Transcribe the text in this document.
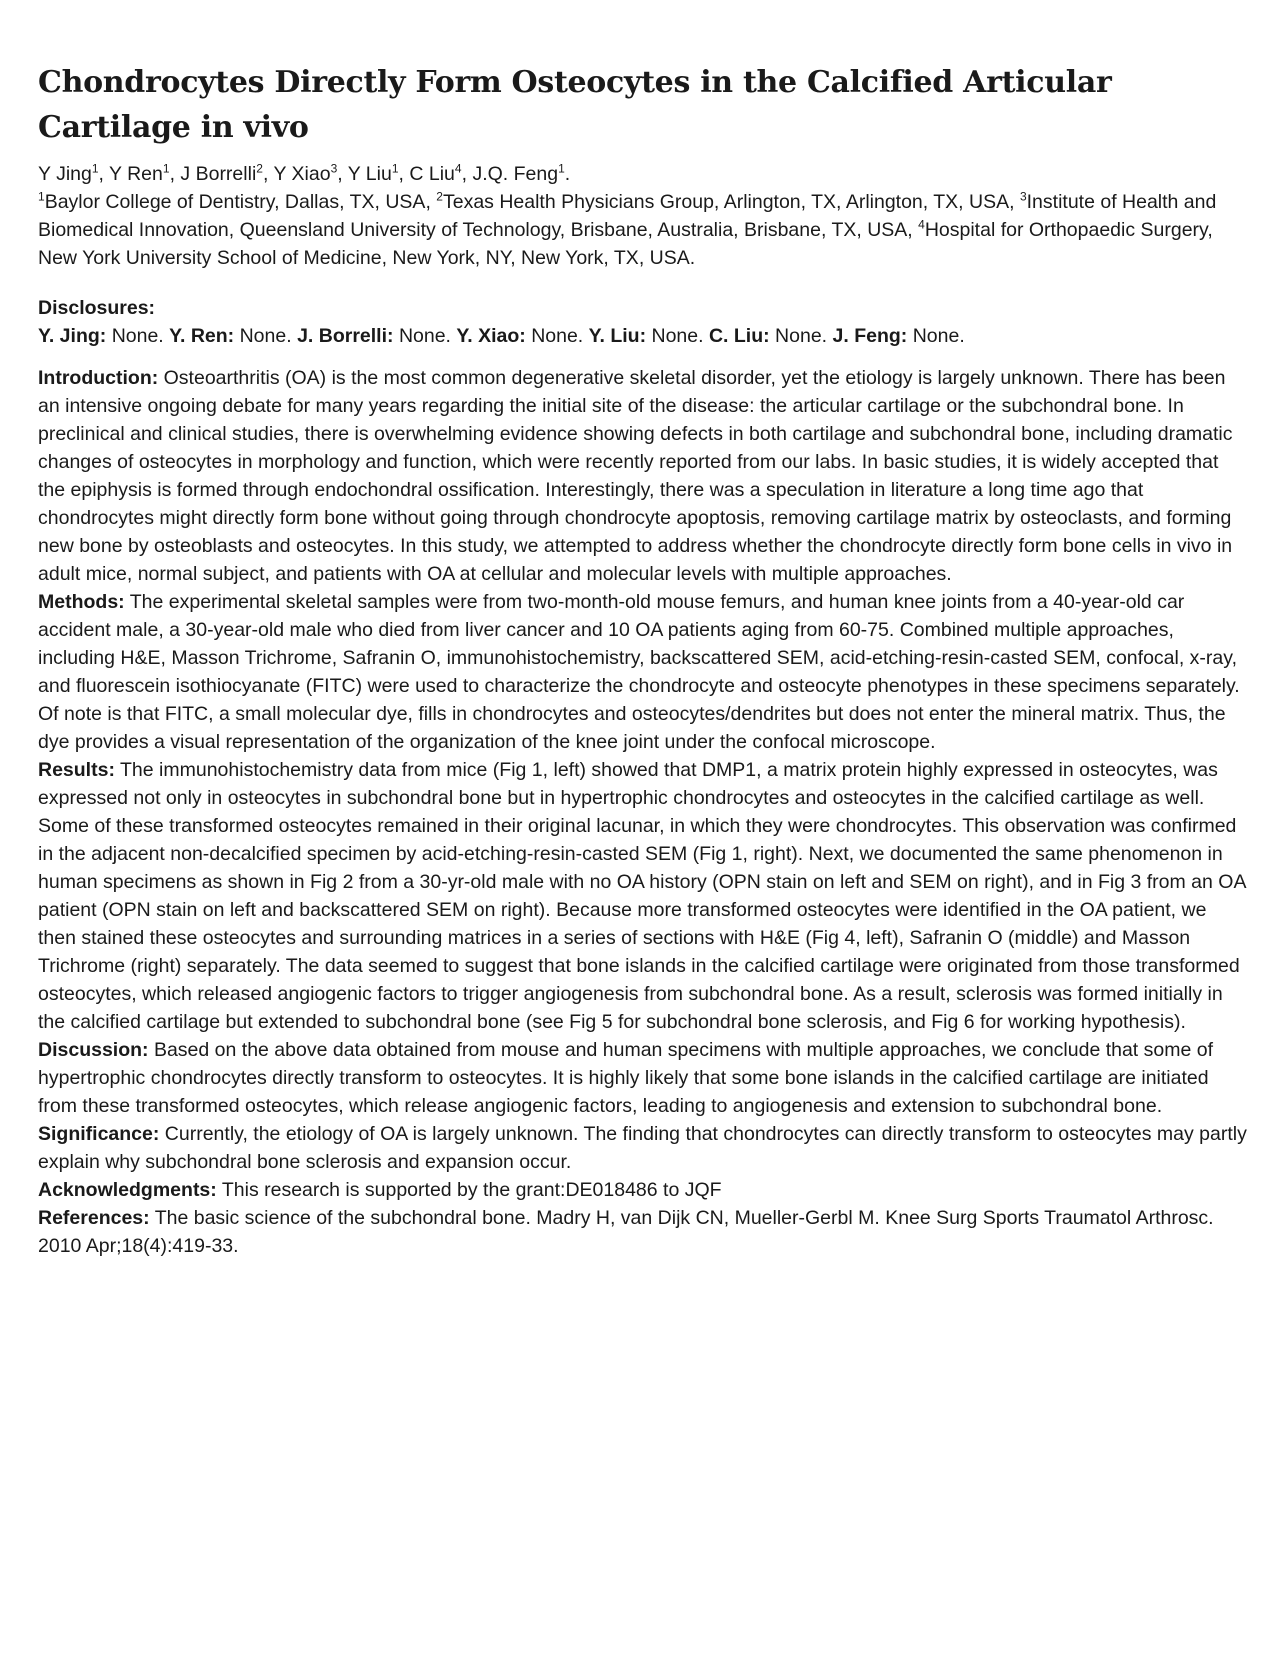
Chondrocytes Directly Form Osteocytes in the Calcified Articular Cartilage in vivo

Y Jing$^1$, Y Ren$^1$, J Borrelli$^2$, Y Xiao$^3$, Y Liu$^1$, C Liu$^4$, J.Q. Feng$^1$.

$^1$Baylor College of Dentistry, Dallas, TX, USA, $^2$Texas Health Physicians Group, Arlington, TX, Arlington, TX, USA, $^3$Institute of Health and Biomedical Innovation, Queensland University of Technology, Brisbane, Australia, Brisbane, TX, USA, $^4$Hospital for Orthopaedic Surgery, New York University School of Medicine, New York, NY, New York, TX, USA.

Disclosures:

Y. Jing: None. Y. Ren: None. J. Borrelli: None. Y. Xiao: None. Y. Liu: None. C. Liu: None. J. Feng: None.

Introduction: Osteoarthritis (OA) is the most common degenerative skeletal disorder, yet the etiology is largely unknown. There has been an intensive ongoing debate for many years regarding the initial site of the disease: the articular cartilage or the subchondral bone. In preclinical and clinical studies, there is overwhelming evidence showing defects in both cartilage and subchondral bone, including dramatic changes of osteocytes in morphology and function, which were recently reported from our labs. In basic studies, it is widely accepted that the epiphysis is formed through endochondral ossification. Interestingly, there was a speculation in literature a long time ago that chondrocytes might directly form bone without going through chondrocyte apoptosis, removing cartilage matrix by osteoclasts, and forming new bone by osteoblasts and osteocytes. In this study, we attempted to address whether the chondrocyte directly form bone cells in vivo in adult mice, normal subject, and patients with OA at cellular and molecular levels with multiple approaches.

Methods: The experimental skeletal samples were from two-month-old mouse femurs, and human knee joints from a 40-year-old car accident male, a 30-year-old male who died from liver cancer and 10 OA patients aging from 60-75. Combined multiple approaches, including H&E, Masson Trichrome, Safranin O, immunohistochemistry, backscattered SEM, acid-etching-resin-casted SEM, confocal, x-ray, and fluorescein isothiocyanate (FITC) were used to characterize the chondrocyte and osteocyte phenotypes in these specimens separately. Of note is that FITC, a small molecular dye, fills in chondrocytes and osteocytes/dendrites but does not enter the mineral matrix. Thus, the dye provides a visual representation of the organization of the knee joint under the confocal microscope.

Results: The immunohistochemistry data from mice (Fig 1, left) showed that DMP1, a matrix protein highly expressed in osteocytes, was expressed not only in osteocytes in subchondral bone but in hypertrophic chondrocytes and osteocytes in the calcified cartilage as well. Some of these transformed osteocytes remained in their original lacunar, in which they were chondrocytes. This observation was confirmed in the adjacent non-decalcified specimen by acid-etching-resin-casted SEM (Fig 1, right). Next, we documented the same phenomenon in human specimens as shown in Fig 2 from a 30-yr-old male with no OA history (OPN stain on left and SEM on right), and in Fig 3 from an OA patient (OPN stain on left and backscattered SEM on right). Because more transformed osteocytes were identified in the OA patient, we then stained these osteocytes and surrounding matrices in a series of sections with H&E (Fig 4, left), Safranin O (middle) and Masson Trichrome (right) separately. The data seemed to suggest that bone islands in the calcified cartilage were originated from those transformed osteocytes, which released angiogenic factors to trigger angiogenesis from subchondral bone. As a result, sclerosis was formed initially in the calcified cartilage but extended to subchondral bone (see Fig 5 for subchondral bone sclerosis, and Fig 6 for working hypothesis).

Discussion: Based on the above data obtained from mouse and human specimens with multiple approaches, we conclude that some of hypertrophic chondrocytes directly transform to osteocytes. It is highly likely that some bone islands in the calcified cartilage are initiated from these transformed osteocytes, which release angiogenic factors, leading to angiogenesis and extension to subchondral bone.

Significance: Currently, the etiology of OA is largely unknown. The finding that chondrocytes can directly transform to osteocytes may partly explain why subchondral bone sclerosis and expansion occur.

Acknowledgments: This research is supported by the grant:DE018486 to JQF

References: The basic science of the subchondral bone. Madry H, van Dijk CN, Mueller-Gerbl M. Knee Surg Sports Traumatol Arthrosc. 2010 Apr;18(4):419-33.
